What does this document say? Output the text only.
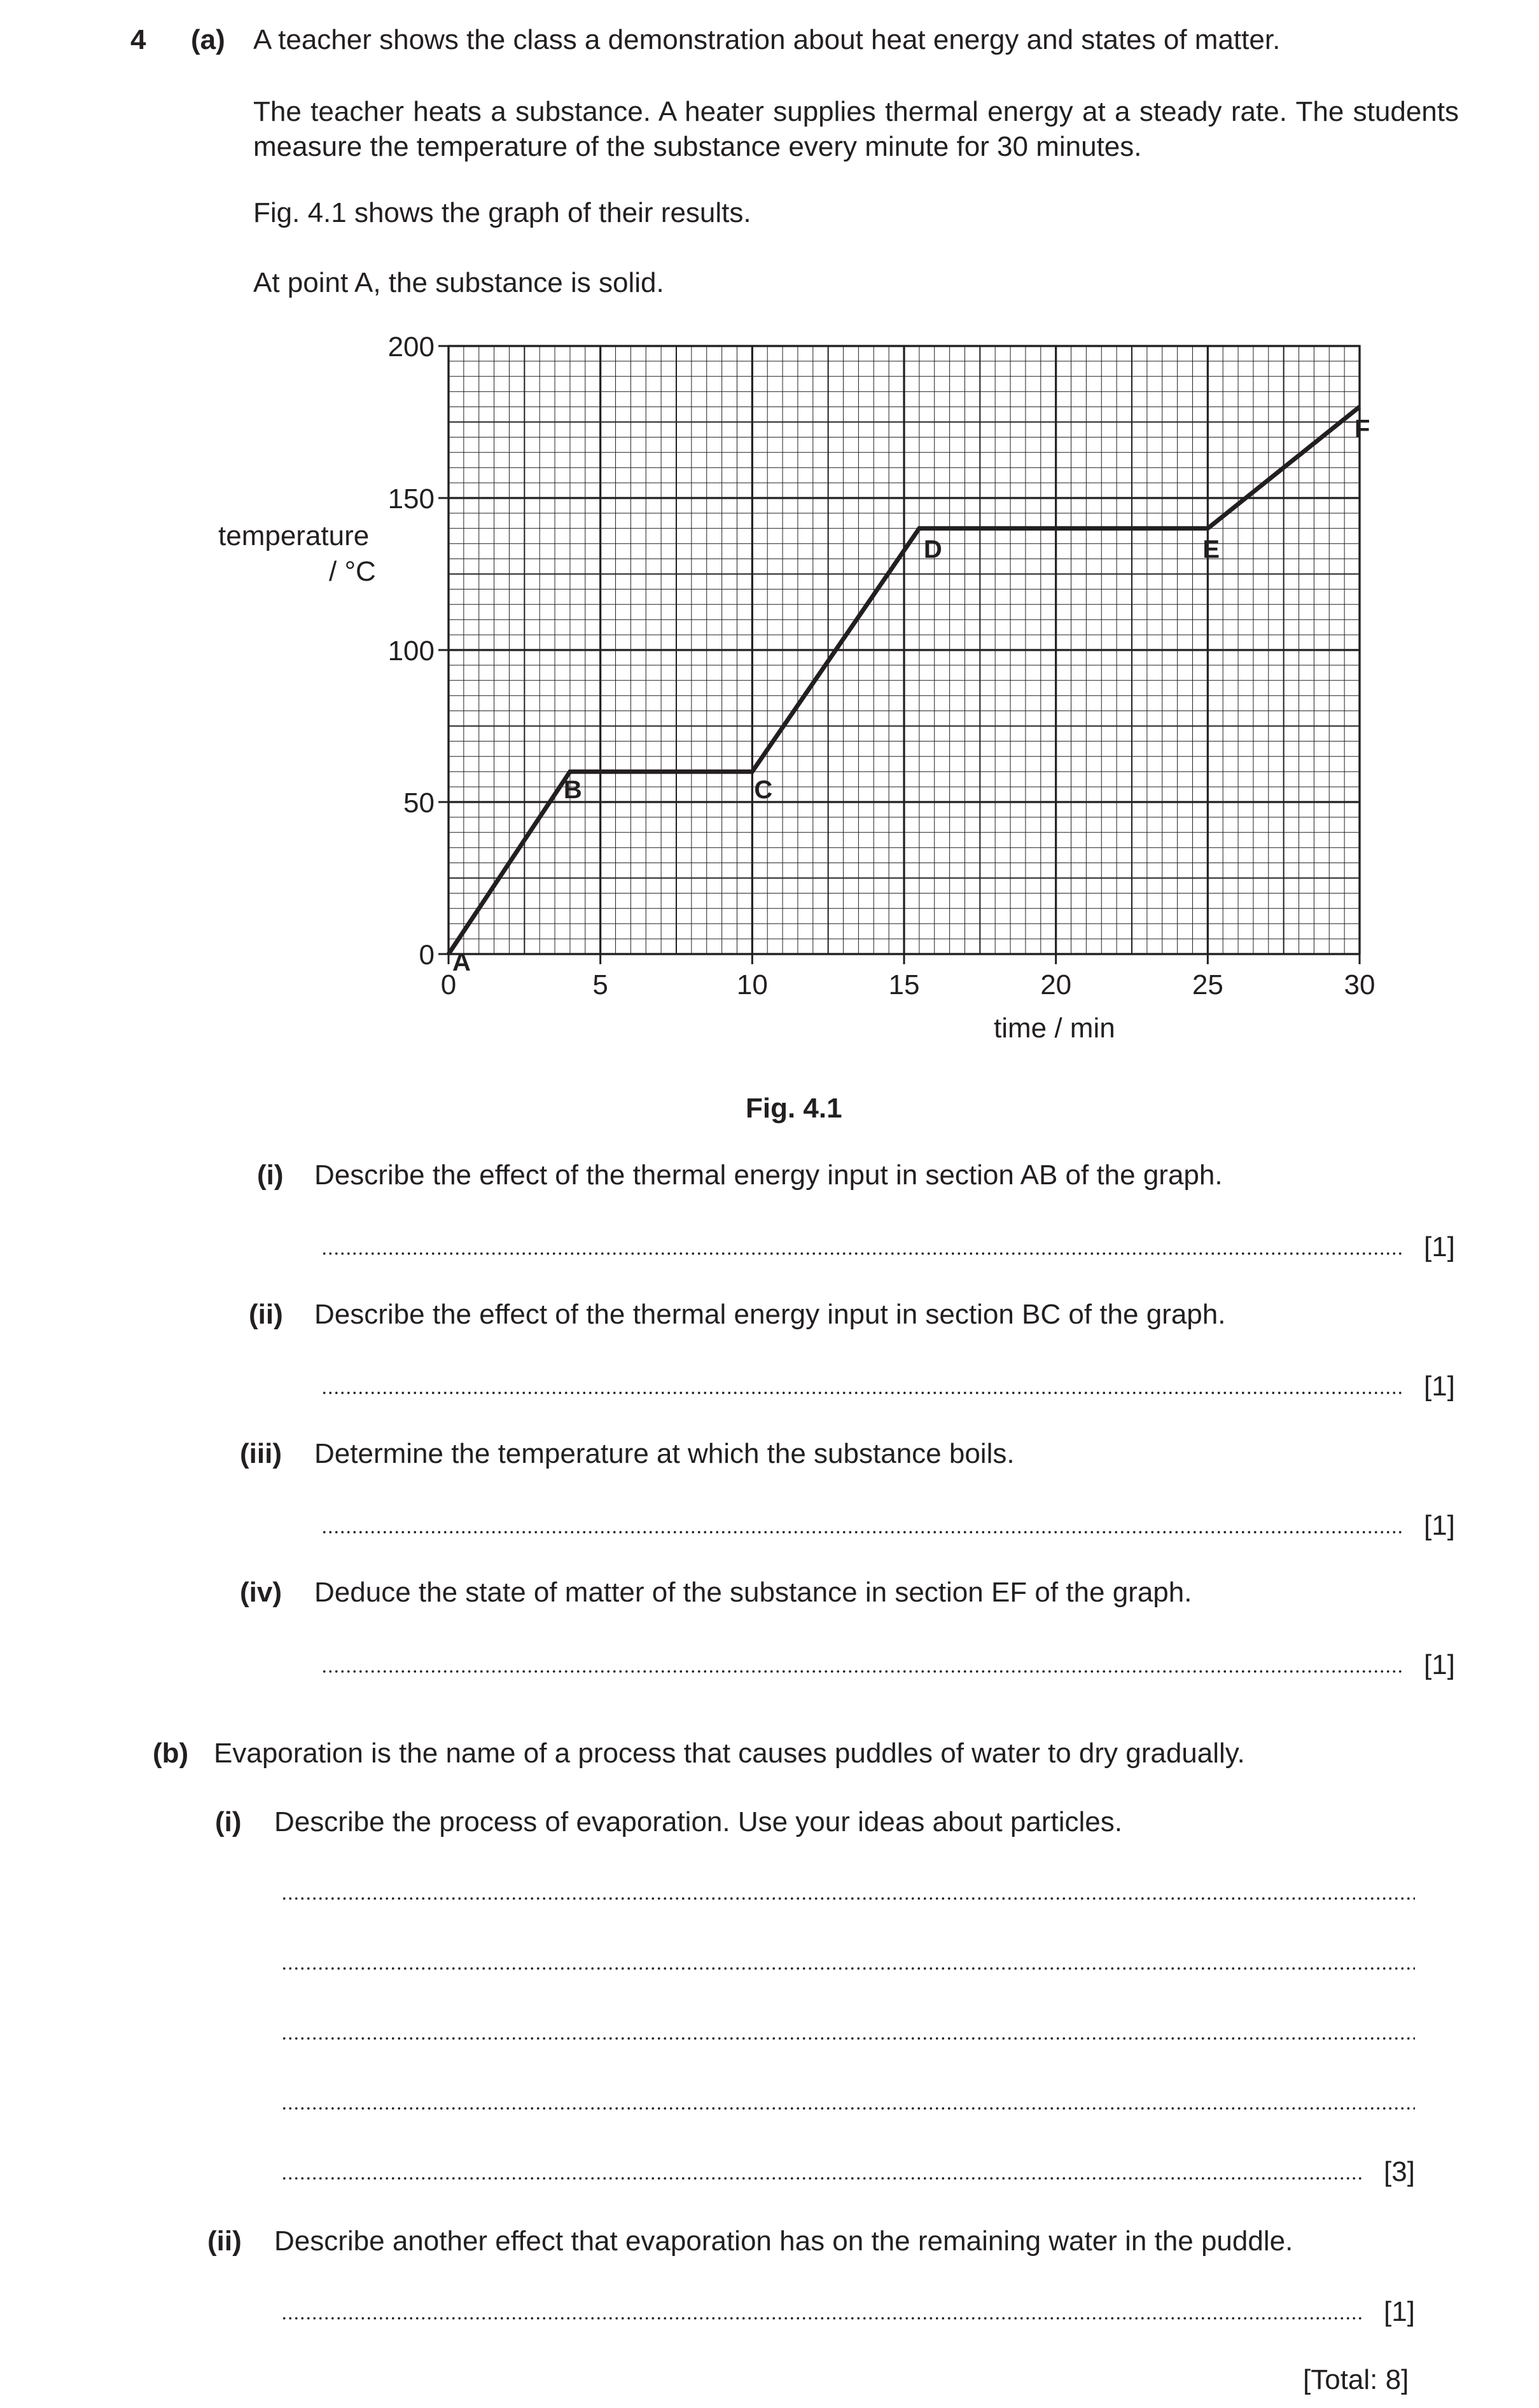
4 (a) A teacher shows the class a demonstration about heat energy and states of matter.
The teacher heats a substance. A heater supplies thermal energy at a steady rate. The students measure the temperature of the substance every minute for 30 minutes.
Fig. 4.1 shows the graph of their results.
At point A, the substance is solid.
0	5	10	15	20	25	30
0
50
100
150
200
A
B	C
D	E
F
temperature
/ °C
time / min
Fig. 4.1
(i) Describe the effect of the thermal energy input in section AB of the graph.
[1]
(ii) Describe the effect of the thermal energy input in section BC of the graph.
[1]
(iii) Determine the temperature at which the substance boils.
[1]
(iv) Deduce the state of matter of the substance in section EF of the graph.
[1]
(b) Evaporation is the name of a process that causes puddles of water to dry gradually.
(i) Describe the process of evaporation. Use your ideas about particles.
[3]
(ii) Describe another effect that evaporation has on the remaining water in the puddle.
[1]
[Total: 8]
